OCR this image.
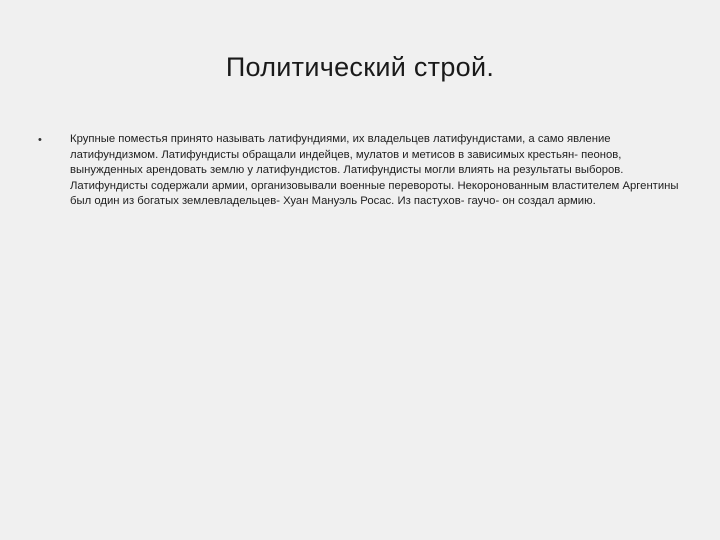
Политический строй.
•	Крупные поместья принято называть латифундиями, их владельцев латифундистами, а само явление латифундизмом. Латифундисты обращали индейцев, мулатов и метисов в зависимых крестьян- пеонов, вынужденных арендовать землю у латифундистов. Латифундисты могли влиять на результаты выборов. Латифундисты содержали армии, организовывали военные перевороты. Некоронованным властителем Аргентины был один из богатых землевладельцев- Хуан Мануэль Росас. Из пастухов- гаучо- он создал армию.
